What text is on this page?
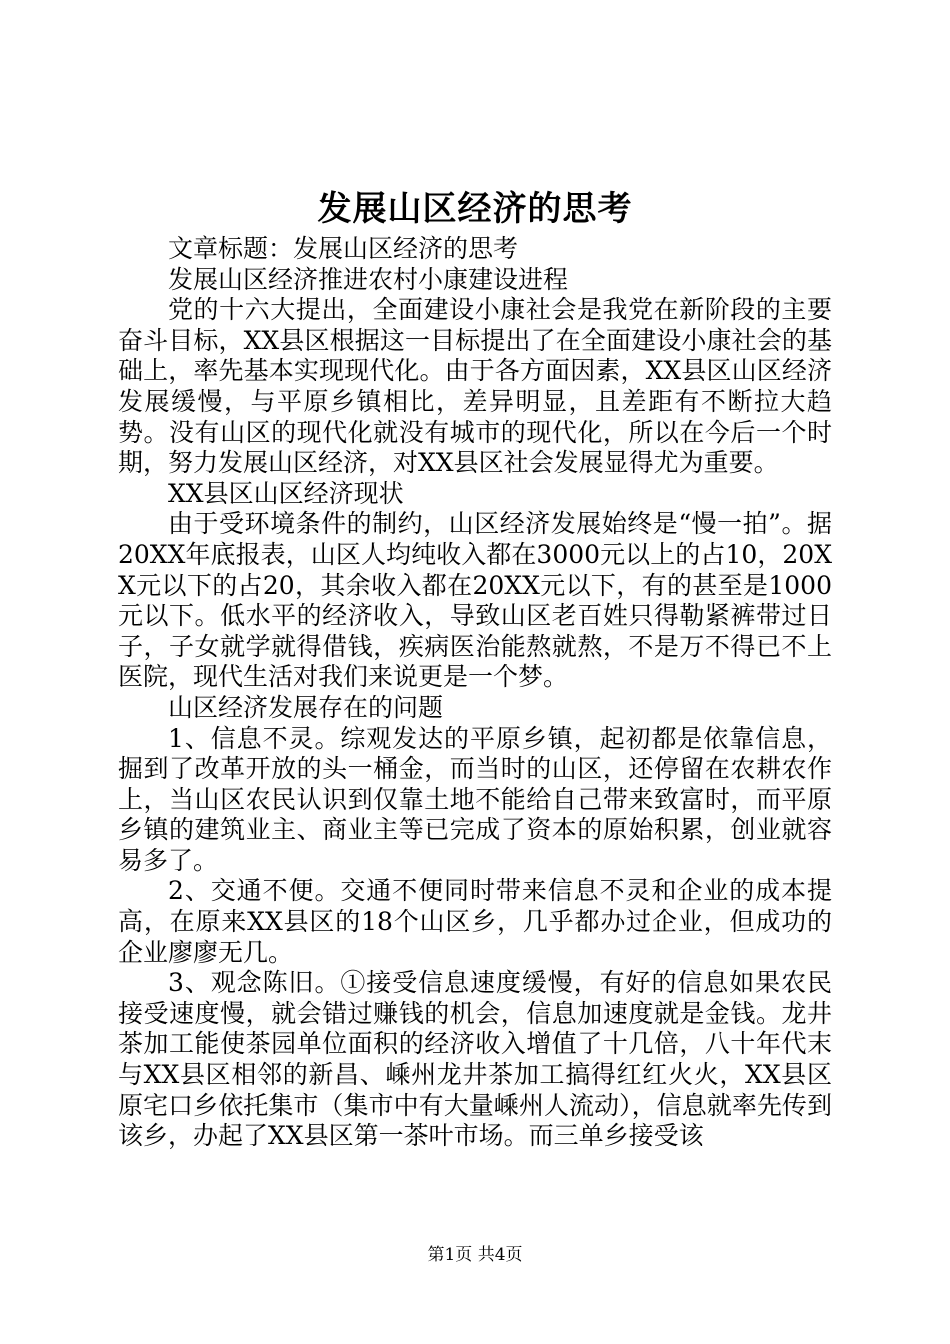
发展山区经济的思考

文章标题：发展山区经济的思考

发展山区经济推进农村小康建设进程

党的十六大提出，全面建设小康社会是我党在新阶段的主要奋斗目标，XX县区根据这一目标提出了在全面建设小康社会的基础上，率先基本实现现代化。由于各方面因素，XX县区山区经济发展缓慢，与平原乡镇相比，差异明显，且差距有不断拉大趋势。没有山区的现代化就没有城市的现代化，所以在今后一个时期，努力发展山区经济，对XX县区社会发展显得尤为重要。

XX县区山区经济现状

由于受环境条件的制约，山区经济发展始终是“慢一拍”。据20XX年底报表，山区人均纯收入都在3000元以上的占10，20XX元以下的占20，其余收入都在20XX元以下，有的甚至是1000元以下。低水平的经济收入，导致山区老百姓只得勒紧裤带过日子，子女就学就得借钱，疾病医治能熬就熬，不是万不得已不上医院，现代生活对我们来说更是一个梦。

山区经济发展存在的问题

1、信息不灵。综观发达的平原乡镇，起初都是依靠信息，掘到了改革开放的头一桶金，而当时的山区，还停留在农耕农作上，当山区农民认识到仅靠土地不能给自己带来致富时，而平原乡镇的建筑业主、商业主等已完成了资本的原始积累，创业就容易多了。

2、交通不便。交通不便同时带来信息不灵和企业的成本提高，在原来XX县区的18个山区乡，几乎都办过企业，但成功的企业廖廖无几。

3、观念陈旧。①接受信息速度缓慢，有好的信息如果农民接受速度慢，就会错过赚钱的机会，信息加速度就是金钱。龙井茶加工能使茶园单位面积的经济收入增值了十几倍，八十年代末与XX县区相邻的新昌、嵊州龙井茶加工搞得红红火火，XX县区原宅口乡依托集市（集市中有大量嵊州人流动），信息就率先传到该乡，办起了XX县区第一茶叶市场。而三单乡接受该

第1页 共4页
